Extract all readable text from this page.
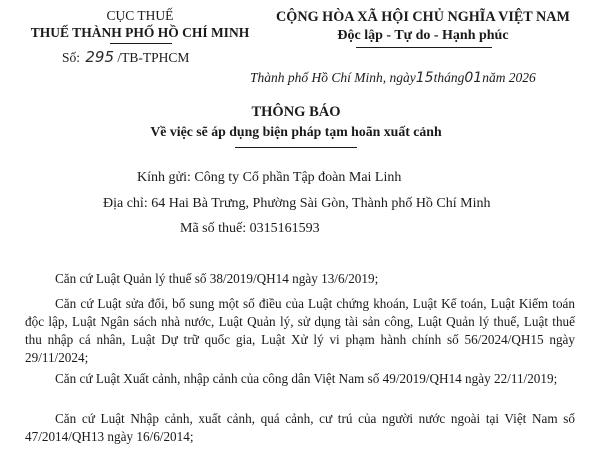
CỤC THUẾ
THUẾ THÀNH PHỐ HỒ CHÍ MINH
Số: 295 /TB-TPHCM
CỘNG HÒA XÃ HỘI CHỦ NGHĨA VIỆT NAM
Độc lập - Tự do - Hạnh phúc
Thành phố Hồ Chí Minh, ngày15tháng01năm 2026
THÔNG BÁO
Về việc sẽ áp dụng biện pháp tạm hoãn xuất cảnh
Kính gửi: Công ty Cổ phần Tập đoàn Mai Linh
Địa chỉ: 64 Hai Bà Trưng, Phường Sài Gòn, Thành phố Hồ Chí Minh
Mã số thuế: 0315161593
Căn cứ Luật Quản lý thuế số 38/2019/QH14 ngày 13/6/2019;
Căn cứ Luật sửa đổi, bổ sung một số điều của Luật chứng khoán, Luật Kế toán, Luật Kiểm toán độc lập, Luật Ngân sách nhà nước, Luật Quản lý, sử dụng tài sản công, Luật Quản lý thuế, Luật thuế thu nhập cá nhân, Luật Dự trữ quốc gia, Luật Xử lý vi phạm hành chính số 56/2024/QH15 ngày 29/11/2024;
Căn cứ Luật Xuất cảnh, nhập cảnh của công dân Việt Nam số 49/2019/QH14 ngày 22/11/2019;
Căn cứ Luật Nhập cảnh, xuất cảnh, quá cảnh, cư trú của người nước ngoài tại Việt Nam số 47/2014/QH13 ngày 16/6/2014;
